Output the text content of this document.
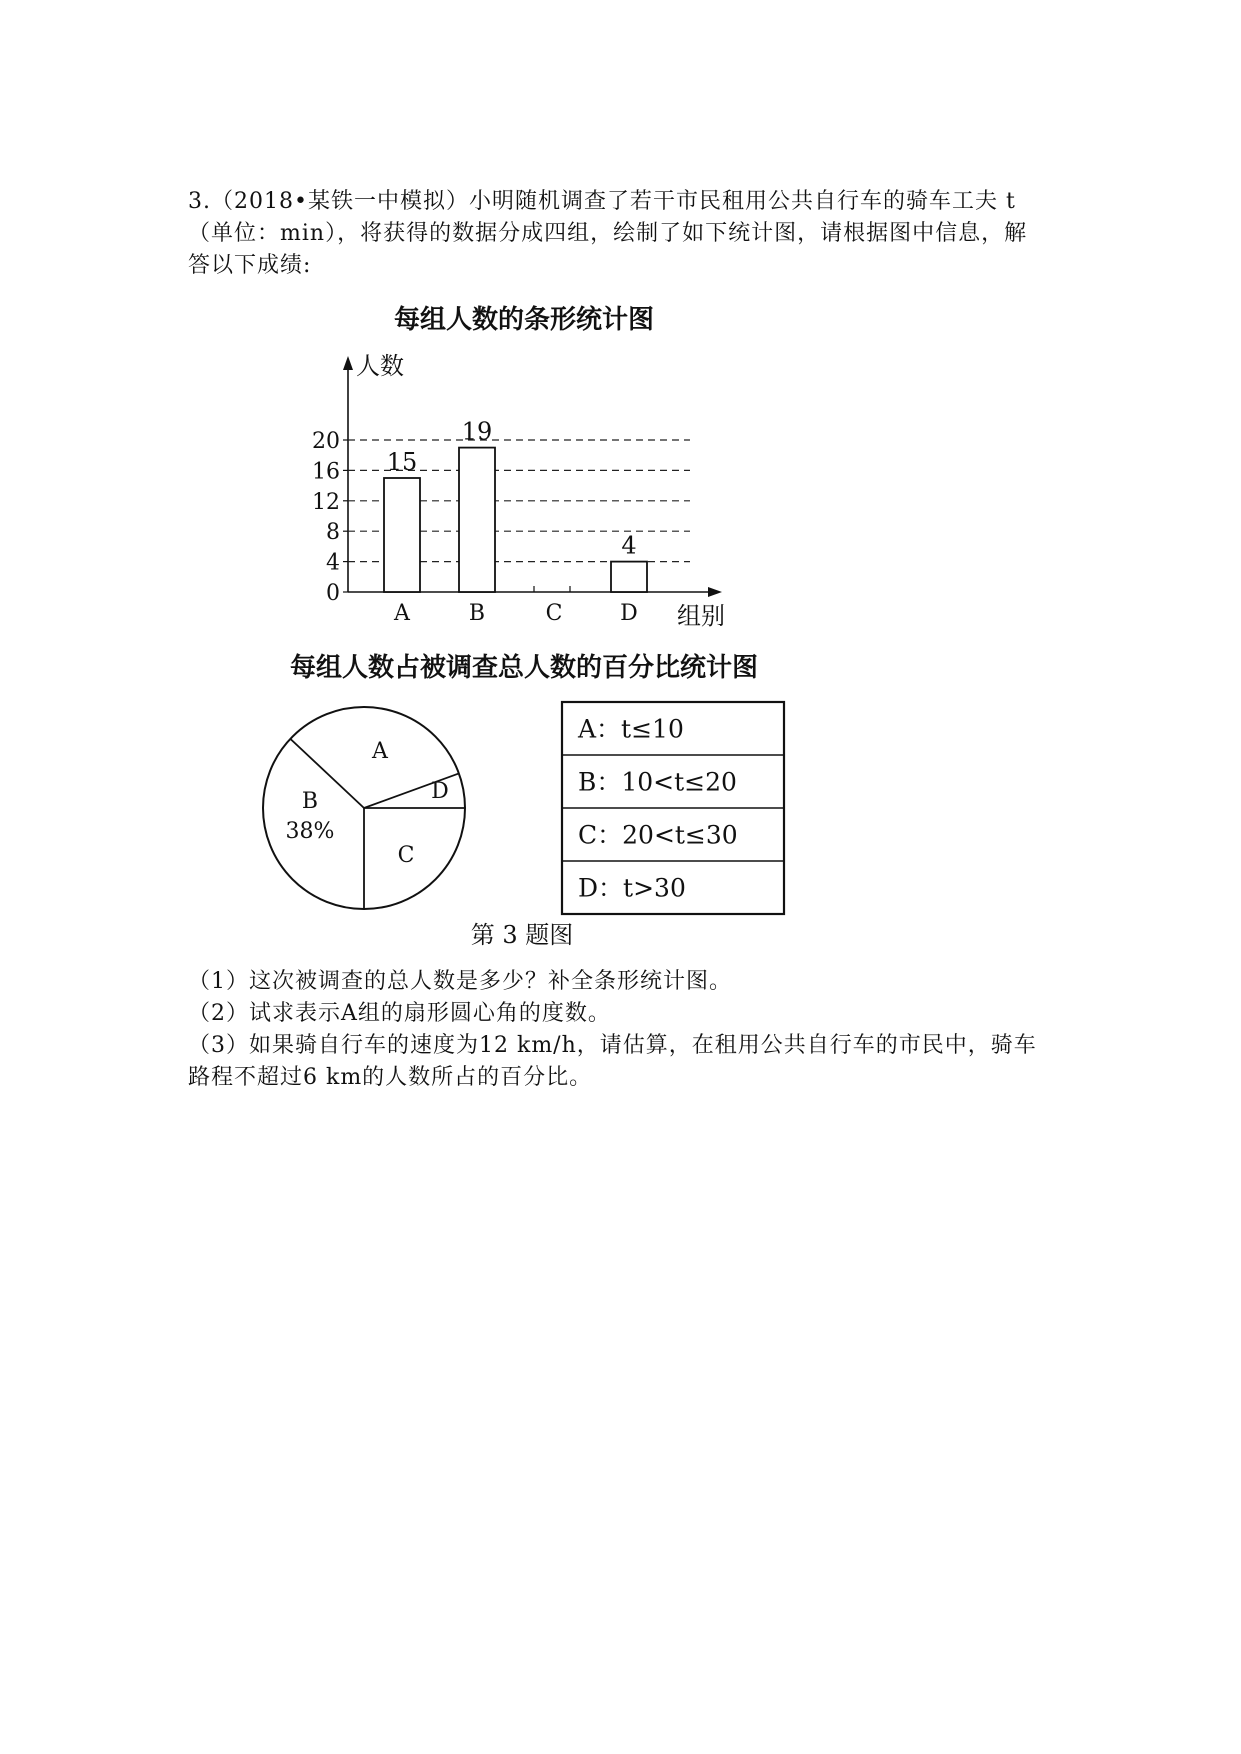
3.（2018•某铁一中模拟）小明随机调查了若干市民租用公共自行车的骑车工夫 t
（单位：min），将获得的数据分成四组，绘制了如下统计图，请根据图中信息，解
答以下成绩:
每组人数的条形统计图
0
4
8
12
16
20
人数
组别
15
A
19
B	C
4
D
每组人数占被调查总人数的百分比统计图
A
B
38%
C
D
A：t≤10
B：10<t≤20
C：20<t≤30
D：t>30
第 3 题图
（1）这次被调查的总人数是多少？补全条形统计图。
（2）试求表示A组的扇形圆心角的度数。
（3）如果骑自行车的速度为12 km/h，请估算，在租用公共自行车的市民中，骑车
路程不超过6 km的人数所占的百分比。
